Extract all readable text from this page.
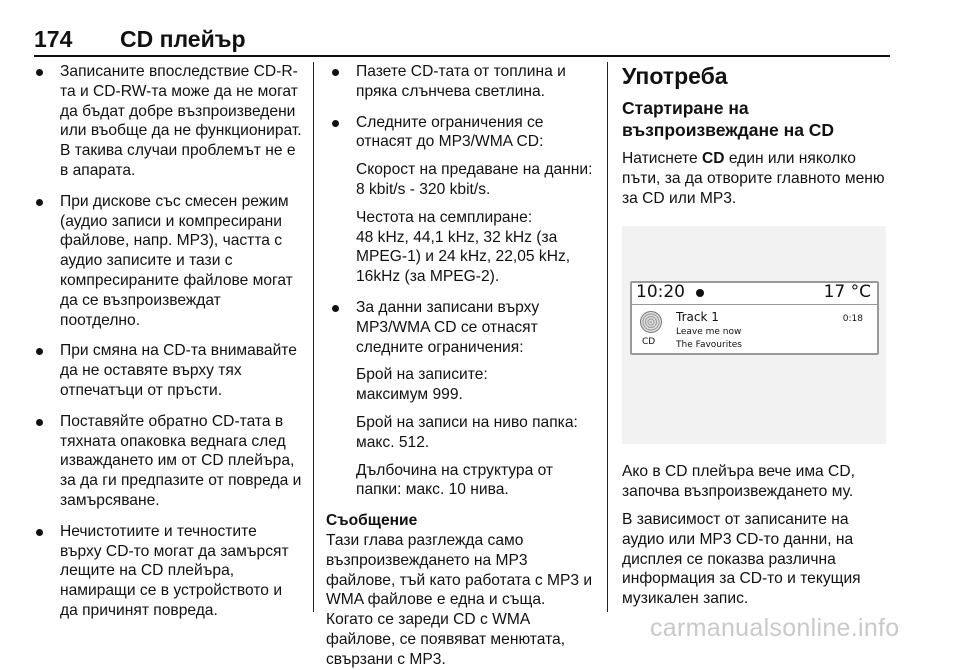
174 CD плейър
Записаните впоследствие CD-R-та и CD-RW-та може да не могат да бъдат добре възпроизведени или въобще да не функционират. В такива случаи проблемът не е в апарата.
При дискове със смесен режим (аудио записи и компресирани файлове, напр. MP3), частта с аудио записите и тази с компресираните файлове могат да се възпроизвеждат поотделно.
При смяна на CD-та внимавайте да не оставяте върху тях отпечатъци от пръсти.
Поставяйте обратно CD-тата в тяхната опаковка веднага след изваждането им от CD плейъра, за да ги предпазите от повреда и замърсяване.
Нечистотиите и течностите върху CD-то могат да замърсят лещите на CD плейъра, намиращи се в устройството и да причинят повреда.
Пазете CD-тата от топлина и пряка слънчева светлина.
Следните ограничения се отнасят до MP3/WMA CD:
Скорост на предаване на данни: 8 kbit/s - 320 kbit/s.
Честота на семплиране:
48 kHz, 44,1 kHz, 32 kHz (за MPEG-1) и 24 kHz, 22,05 kHz, 16kHz (за MPEG-2).
За данни записани върху MP3/WMA CD се отнасят следните ограничения:
Брой на записите:
максимум 999.
Брой на записи на ниво папка: макс. 512.
Дълбочина на структура от папки: макс. 10 нива.
Съобщение

Тази глава разглежда само възпроизвеждането на MP3 файлове, тъй като работата с MP3 и WMA файлове е една и съща. Когато се зареди CD с WMA файлове, се появяват менютата, свързани с MP3.

Употреба
Стартиране на възпроизвеждане на CD

Натиснете CD един или няколко пъти, за да отворите главното меню за CD или MP3.

10:20	17 °C
CD
Track 1
Leave me now
The Favourites
0:18

Ако в CD плейъра вече има CD, започва възпроизвеждането му.

В зависимост от записаните на аудио или MP3 CD-то данни, на дисплея се показва различна информация за CD-то и текущия музикален запис.

carmanualsonline.info
